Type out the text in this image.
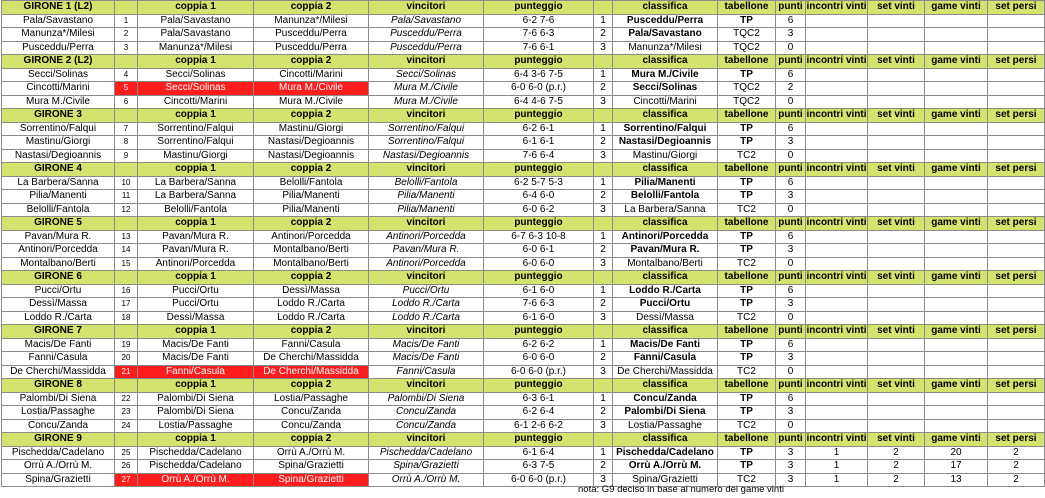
GIRONE 1 (L2)		coppia 1	coppia 2	vincitori	punteggio		classifica	tabellone	punti	incontri vinti	set vinti	game vinti	set persi
Pala/Savastano	1	Pala/Savastano	Manunza*/Milesi	Pala/Savastano	6-2 7-6	1	Pusceddu/Perra	TP	6				
Manunza*/Milesi	2	Pala/Savastano	Pusceddu/Perra	Pusceddu/Perra	7-6 6-3	2	Pala/Savastano	TQC2	3				
Pusceddu/Perra	3	Manunza*/Milesi	Pusceddu/Perra	Pusceddu/Perra	7-6 6-1	3	Manunza*/Milesi	TQC2	0				
GIRONE 2 (L2)		coppia 1	coppia 2	vincitori	punteggio		classifica	tabellone	punti	incontri vinti	set vinti	game vinti	set persi
Secci/Solinas	4	Secci/Solinas	Cincotti/Marini	Secci/Solinas	6-4 3-6 7-5	1	Mura M./Civile	TP	6				
Cincotti/Marini	5	Secci/Solinas	Mura M./Civile	Mura M./Civile	6-0 6-0 (p.r.)	2	Secci/Solinas	TQC2	2				
Mura M./Civile	6	Cincotti/Marini	Mura M./Civile	Mura M./Civile	6-4 4-6 7-5	3	Cincotti/Marini	TQC2	0				
GIRONE 3		coppia 1	coppia 2	vincitori	punteggio		classifica	tabellone	punti	incontri vinti	set vinti	game vinti	set persi
Sorrentino/Falqui	7	Sorrentino/Falqui	Mastinu/Giorgi	Sorrentino/Falqui	6-2 6-1	1	Sorrentino/Falqui	TP	6				
Mastinu/Giorgi	8	Sorrentino/Falqui	Nastasi/Degioannis	Sorrentino/Falqui	6-1 6-1	2	Nastasi/Degioannis	TP	3				
Nastasi/Degioannis	9	Mastinu/Giorgi	Nastasi/Degioannis	Nastasi/Degioannis	7-6 6-4	3	Mastinu/Giorgi	TC2	0				
GIRONE 4		coppia 1	coppia 2	vincitori	punteggio		classifica	tabellone	punti	incontri vinti	set vinti	game vinti	set persi
La Barbera/Sanna	10	La Barbera/Sanna	Belolli/Fantola	Belolli/Fantola	6-2 5-7 5-3	1	Pilia/Manenti	TP	6				
Pilia/Manenti	11	La Barbera/Sanna	Pilia/Manenti	Pilia/Manenti	6-4 6-0	2	Belolli/Fantola	TP	3				
Belolli/Fantola	12	Belolli/Fantola	Pilia/Manenti	Pilia/Manenti	6-0 6-2	3	La Barbera/Sanna	TC2	0				
GIRONE 5		coppia 1	coppia 2	vincitori	punteggio		classifica	tabellone	punti	incontri vinti	set vinti	game vinti	set persi
Pavan/Mura R.	13	Pavan/Mura R.	Antinori/Porcedda	Antinori/Porcedda	6-7 6-3 10-8	1	Antinori/Porcedda	TP	6				
Antinori/Porcedda	14	Pavan/Mura R.	Montalbano/Berti	Pavan/Mura R.	6-0 6-1	2	Pavan/Mura R.	TP	3				
Montalbano/Berti	15	Antinori/Porcedda	Montalbano/Berti	Antinori/Porcedda	6-0 6-0	3	Montalbano/Berti	TC2	0				
GIRONE 6		coppia 1	coppia 2	vincitori	punteggio		classifica	tabellone	punti	incontri vinti	set vinti	game vinti	set persi
Pucci/Ortu	16	Pucci/Ortu	Dessì/Massa	Pucci/Ortu	6-1 6-0	1	Loddo R./Carta	TP	6				
Dessì/Massa	17	Pucci/Ortu	Loddo R./Carta	Loddo R./Carta	7-6 6-3	2	Pucci/Ortu	TP	3				
Loddo R./Carta	18	Dessì/Massa	Loddo R./Carta	Loddo R./Carta	6-1 6-0	3	Dessì/Massa	TC2	0				
GIRONE 7		coppia 1	coppia 2	vincitori	punteggio		classifica	tabellone	punti	incontri vinti	set vinti	game vinti	set persi
Macis/De Fanti	19	Macis/De Fanti	Fanni/Casula	Macis/De Fanti	6-2 6-2	1	Macis/De Fanti	TP	6				
Fanni/Casula	20	Macis/De Fanti	De Cherchi/Massidda	Macis/De Fanti	6-0 6-0	2	Fanni/Casula	TP	3				
De Cherchi/Massidda	21	Fanni/Casula	De Cherchi/Massidda	Fanni/Casula	6-0 6-0 (p.r.)	3	De Cherchi/Massidda	TC2	0				
GIRONE 8		coppia 1	coppia 2	vincitori	punteggio		classifica	tabellone	punti	incontri vinti	set vinti	game vinti	set persi
Palombi/Di Siena	22	Palombi/Di Siena	Lostia/Passaghe	Palombi/Di Siena	6-3 6-1	1	Concu/Zanda	TP	6				
Lostia/Passaghe	23	Palombi/Di Siena	Concu/Zanda	Concu/Zanda	6-2 6-4	2	Palombi/Di Siena	TP	3				
Concu/Zanda	24	Lostia/Passaghe	Concu/Zanda	Concu/Zanda	6-1 2-6 6-2	3	Lostia/Passaghe	TC2	0				
GIRONE 9		coppia 1	coppia 2	vincitori	punteggio		classifica	tabellone	punti	incontri vinti	set vinti	game vinti	set persi
Pischedda/Cadelano	25	Pischedda/Cadelano	Orrù A./Orrù M.	Pischedda/Cadelano	6-1 6-4	1	Pischedda/Cadelano	TP	3	1	2	20	2
Orrù A./Orrù M.	26	Pischedda/Cadelano	Spina/Grazietti	Spina/Grazietti	6-3 7-5	2	Orrù A./Orrù M.	TP	3	1	2	17	2
Spina/Grazietti	27	Orrù A./Orrù M.	Spina/Grazietti	Orrù A./Orrù M.	6-0 6-0 (p.r.)	3	Spina/Grazietti	TC2	3	1	2	13	2
nota: G9 deciso in base al numero dei game vinti
